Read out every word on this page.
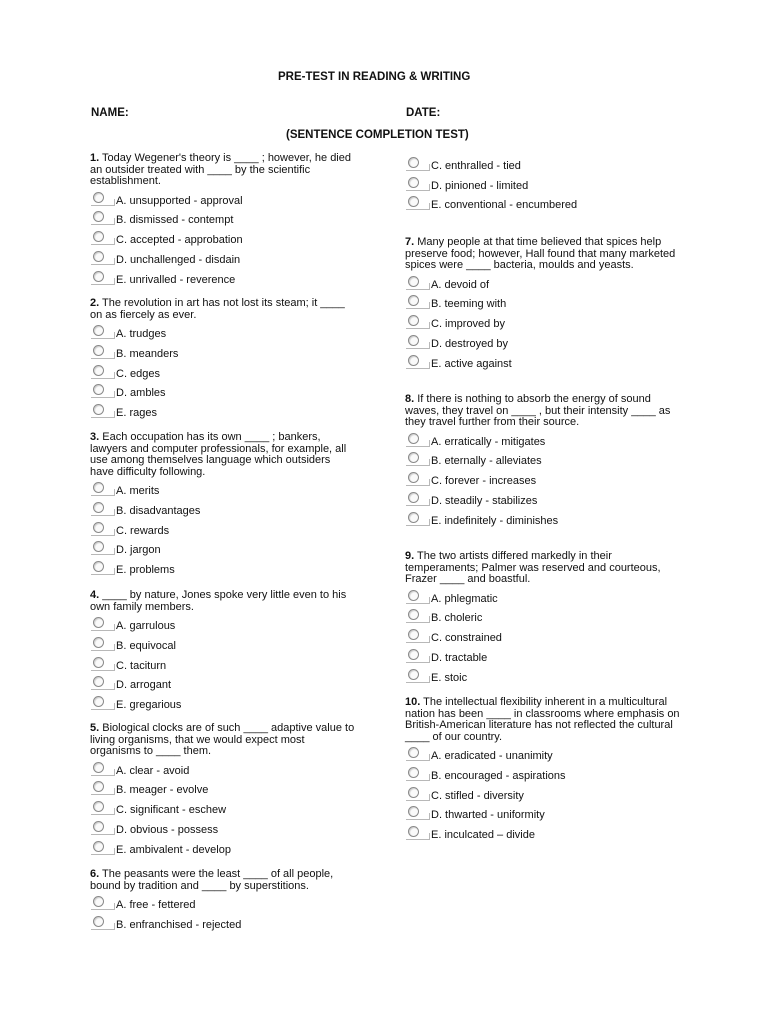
PRE-TEST IN READING & WRITING
NAME:	DATE:
(SENTENCE COMPLETION TEST)

1. Today Wegener's theory is ____ ; however, he died an outsider treated with ____ by the scientific establishment.

A. unsupported - approval
B. dismissed - contempt
C. accepted - approbation
D. unchallenged - disdain
E. unrivalled - reverence

2. The revolution in art has not lost its steam; it ____ on as fiercely as ever.

A. trudges
B. meanders
C. edges
D. ambles
E. rages

3. Each occupation has its own ____ ; bankers, lawyers and computer professionals, for example, all use among themselves language which outsiders have difficulty following.

A. merits
B. disadvantages
C. rewards
D. jargon
E. problems

4. ____ by nature, Jones spoke very little even to his own family members.

A. garrulous
B. equivocal
C. taciturn
D. arrogant
E. gregarious

5. Biological clocks are of such ____ adaptive value to living organisms, that we would expect most organisms to ____ them.

A. clear - avoid
B. meager - evolve
C. significant - eschew
D. obvious - possess
E. ambivalent - develop

6. The peasants were the least ____ of all people, bound by tradition and ____ by superstitions.

A. free - fettered
B. enfranchised - rejected
C. enthralled - tied
D. pinioned - limited
E. conventional - encumbered

7. Many people at that time believed that spices help preserve food; however, Hall found that many marketed spices were ____ bacteria, moulds and yeasts.

A. devoid of
B. teeming with
C. improved by
D. destroyed by
E. active against

8. If there is nothing to absorb the energy of sound waves, they travel on ____ , but their intensity ____ as they travel further from their source.

A. erratically - mitigates
B. eternally - alleviates
C. forever - increases
D. steadily - stabilizes
E. indefinitely - diminishes

9. The two artists differed markedly in their temperaments; Palmer was reserved and courteous, Frazer ____ and boastful.

A. phlegmatic
B. choleric
C. constrained
D. tractable
E. stoic

10. The intellectual flexibility inherent in a multicultural nation has been ____ in classrooms where emphasis on British-American literature has not reflected the cultural ____ of our country.

A. eradicated - unanimity
B. encouraged - aspirations
C. stifled - diversity
D. thwarted - uniformity
E. inculcated – divide
